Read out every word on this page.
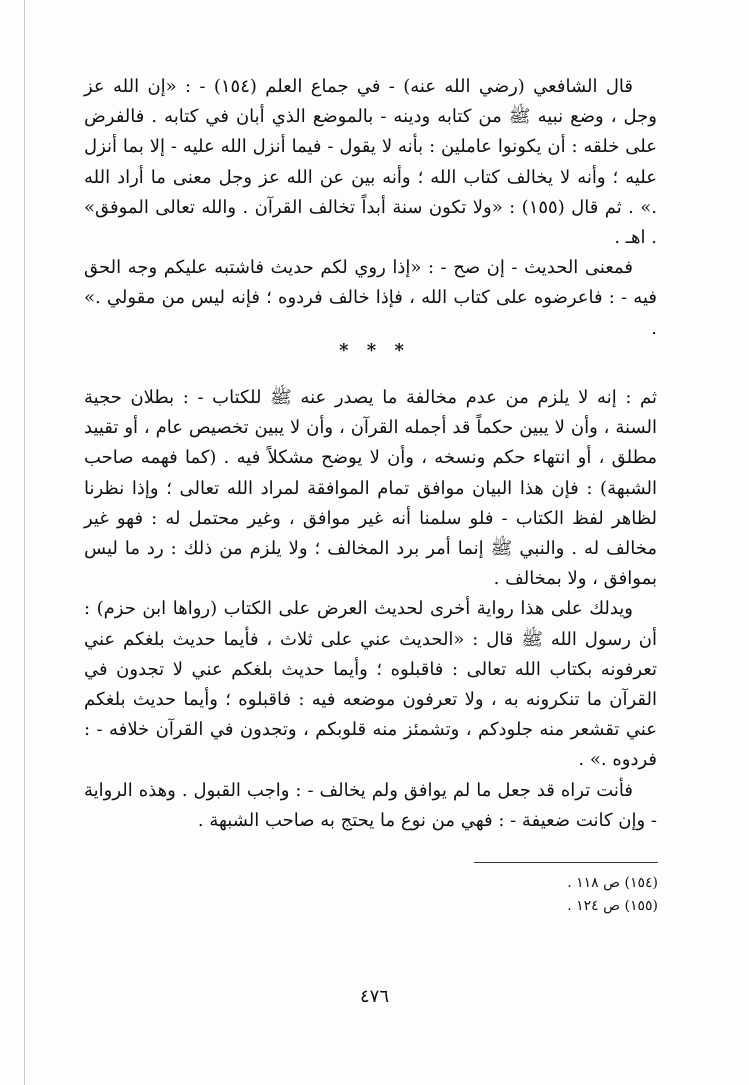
قال الشافعي (رضي الله عنه) - في جماع العلم (١٥٤) - : «إن الله عز وجل ، وضع نبيه ﷺ من كتابه ودينه - بالموضع الذي أبان في كتابه . فالفرض على خلقه : أن يكونوا عاملين : بأنه لا يقول - فيما أنزل الله عليه - إلا بما أنزل عليه ؛ وأنه لا يخالف كتاب الله ؛ وأنه بين عن الله عز وجل معنى ما أراد الله .» . ثم قال (١٥٥) : «ولا تكون سنة أبداً تخالف القرآن . والله تعالى الموفق» . اهـ .

فمعنى الحديث - إن صح - : «إذا روي لكم حديث فاشتبه عليكم وجه الحق فيه - : فاعرضوه على كتاب الله ، فإذا خالف فردوه ؛ فإنه ليس من مقولي .» .

* * *

ثم : إنه لا يلزم من عدم مخالفة ما يصدر عنه ﷺ للكتاب - : بطلان حجية السنة ، وأن لا يبين حكماً قد أجمله القرآن ، وأن لا يبين تخصيص عام ، أو تقييد مطلق ، أو انتهاء حكم ونسخه ، وأن لا يوضح مشكلاً فيه . (كما فهمه صاحب الشبهة) : فإن هذا البيان موافق تمام الموافقة لمراد الله تعالى ؛ وإذا نظرنا لظاهر لفظ الكتاب - فلو سلمنا أنه غير موافق ، وغير محتمل له : فهو غير مخالف له . والنبي ﷺ إنما أمر برد المخالف ؛ ولا يلزم من ذلك : رد ما ليس بموافق ، ولا بمخالف .

ويدلك على هذا رواية أخرى لحديث العرض على الكتاب (رواها ابن حزم) : أن رسول الله ﷺ قال : «الحديث عني على ثلاث ، فأيما حديث بلغكم عني تعرفونه بكتاب الله تعالى : فاقبلوه ؛ وأيما حديث بلغكم عني لا تجدون في القرآن ما تنكرونه به ، ولا تعرفون موضعه فيه : فاقبلوه ؛ وأيما حديث بلغكم عني تقشعر منه جلودكم ، وتشمئز منه قلوبكم ، وتجدون في القرآن خلافه - : فردوه .» .

فأنت تراه قد جعل ما لم يوافق ولم يخالف - : واجب القبول . وهذه الرواية - وإن كانت ضعيفة - : فهي من نوع ما يحتج به صاحب الشبهة .

(١٥٤) ص ١١٨ .
(١٥٥) ص ١٢٤ .
٤٧٦
